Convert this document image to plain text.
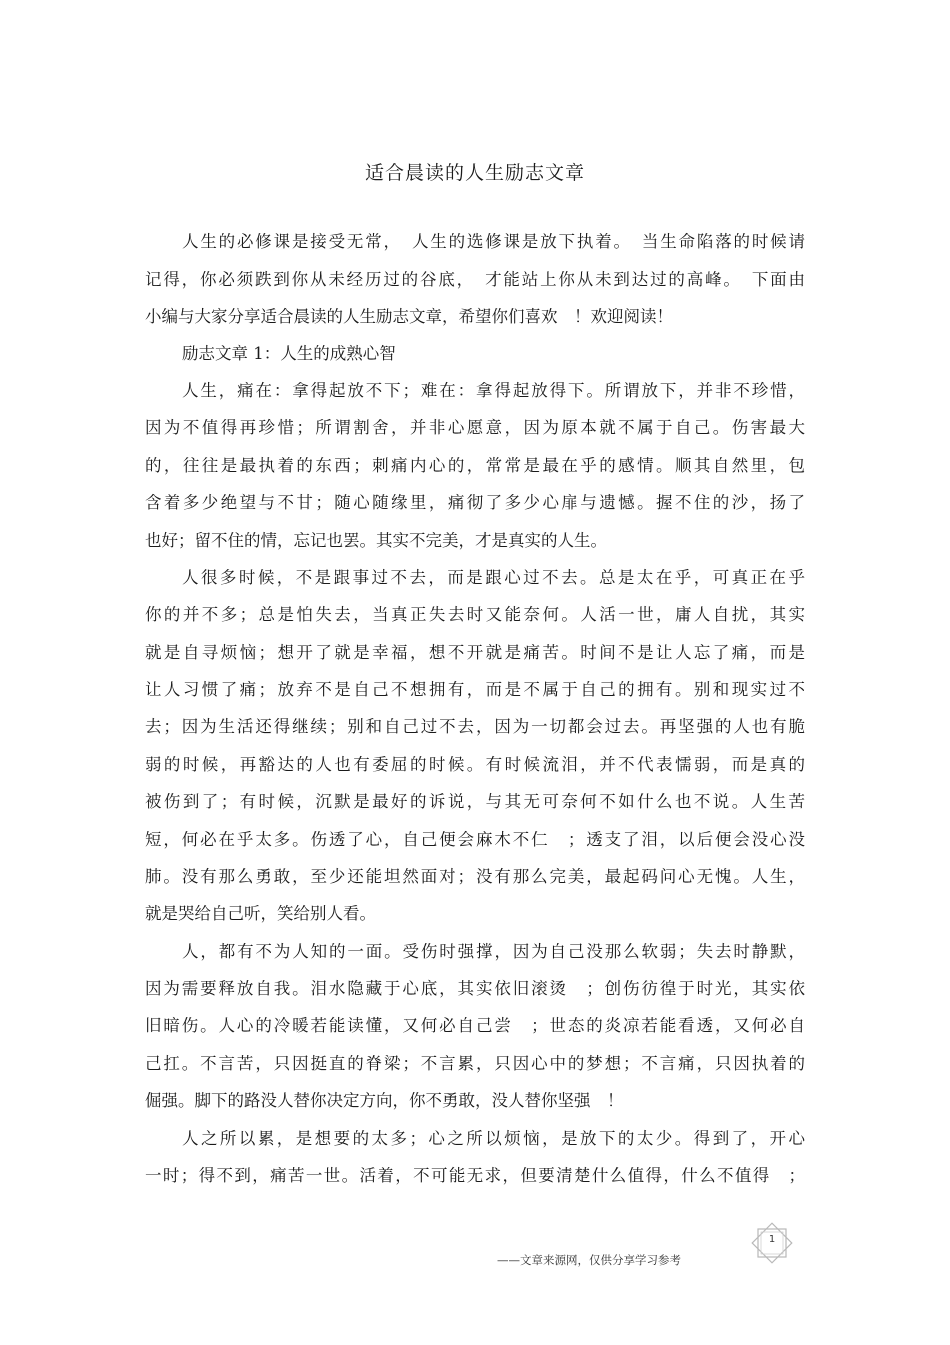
适合晨读的人生励志文章
人生的必修课是接受无常，　人生的选修课是放下执着。　当生命陷落的时候请
记得，你必须跌到你从未经历过的谷底，　才能站上你从未到达过的高峰。　下面由
小编与大家分享适合晨读的人生励志文章，希望你们喜欢　！欢迎阅读！
励志文章 1：人生的成熟心智
人生，痛在：拿得起放不下；难在：拿得起放得下。所谓放下，并非不珍惜，
因为不值得再珍惜；所谓割舍，并非心愿意，因为原本就不属于自己。伤害最大
的，往往是最执着的东西；刺痛内心的，常常是最在乎的感情。顺其自然里，包
含着多少绝望与不甘；随心随缘里，痛彻了多少心扉与遗憾。握不住的沙，扬了
也好；留不住的情，忘记也罢。其实不完美，才是真实的人生。
人很多时候，不是跟事过不去，而是跟心过不去。总是太在乎，可真正在乎
你的并不多；总是怕失去，当真正失去时又能奈何。人活一世，庸人自扰，其实
就是自寻烦恼；想开了就是幸福，想不开就是痛苦。时间不是让人忘了痛，而是
让人习惯了痛；放弃不是自己不想拥有，而是不属于自己的拥有。别和现实过不
去；因为生活还得继续；别和自己过不去，因为一切都会过去。再坚强的人也有脆
弱的时候，再豁达的人也有委屈的时候。有时候流泪，并不代表懦弱，而是真的
被伤到了；有时候，沉默是最好的诉说，与其无可奈何不如什么也不说。人生苦
短，何必在乎太多。伤透了心，自己便会麻木不仁　；透支了泪，以后便会没心没
肺。没有那么勇敢，至少还能坦然面对；没有那么完美，最起码问心无愧。人生，
就是哭给自己听，笑给别人看。
人，都有不为人知的一面。受伤时强撑，因为自己没那么软弱；失去时静默，
因为需要释放自我。泪水隐藏于心底，其实依旧滚烫　；创伤彷徨于时光，其实依
旧暗伤。人心的冷暖若能读懂，又何必自己尝　；世态的炎凉若能看透，又何必自
己扛。不言苦，只因挺直的脊梁；不言累，只因心中的梦想；不言痛，只因执着的
倔强。脚下的路没人替你决定方向，你不勇敢，没人替你坚强　！
人之所以累，是想要的太多；心之所以烦恼，是放下的太少。得到了，开心
一时；得不到，痛苦一世。活着，不可能无求，但要清楚什么值得，什么不值得　；
1
——文章来源网，仅供分享学习参考
